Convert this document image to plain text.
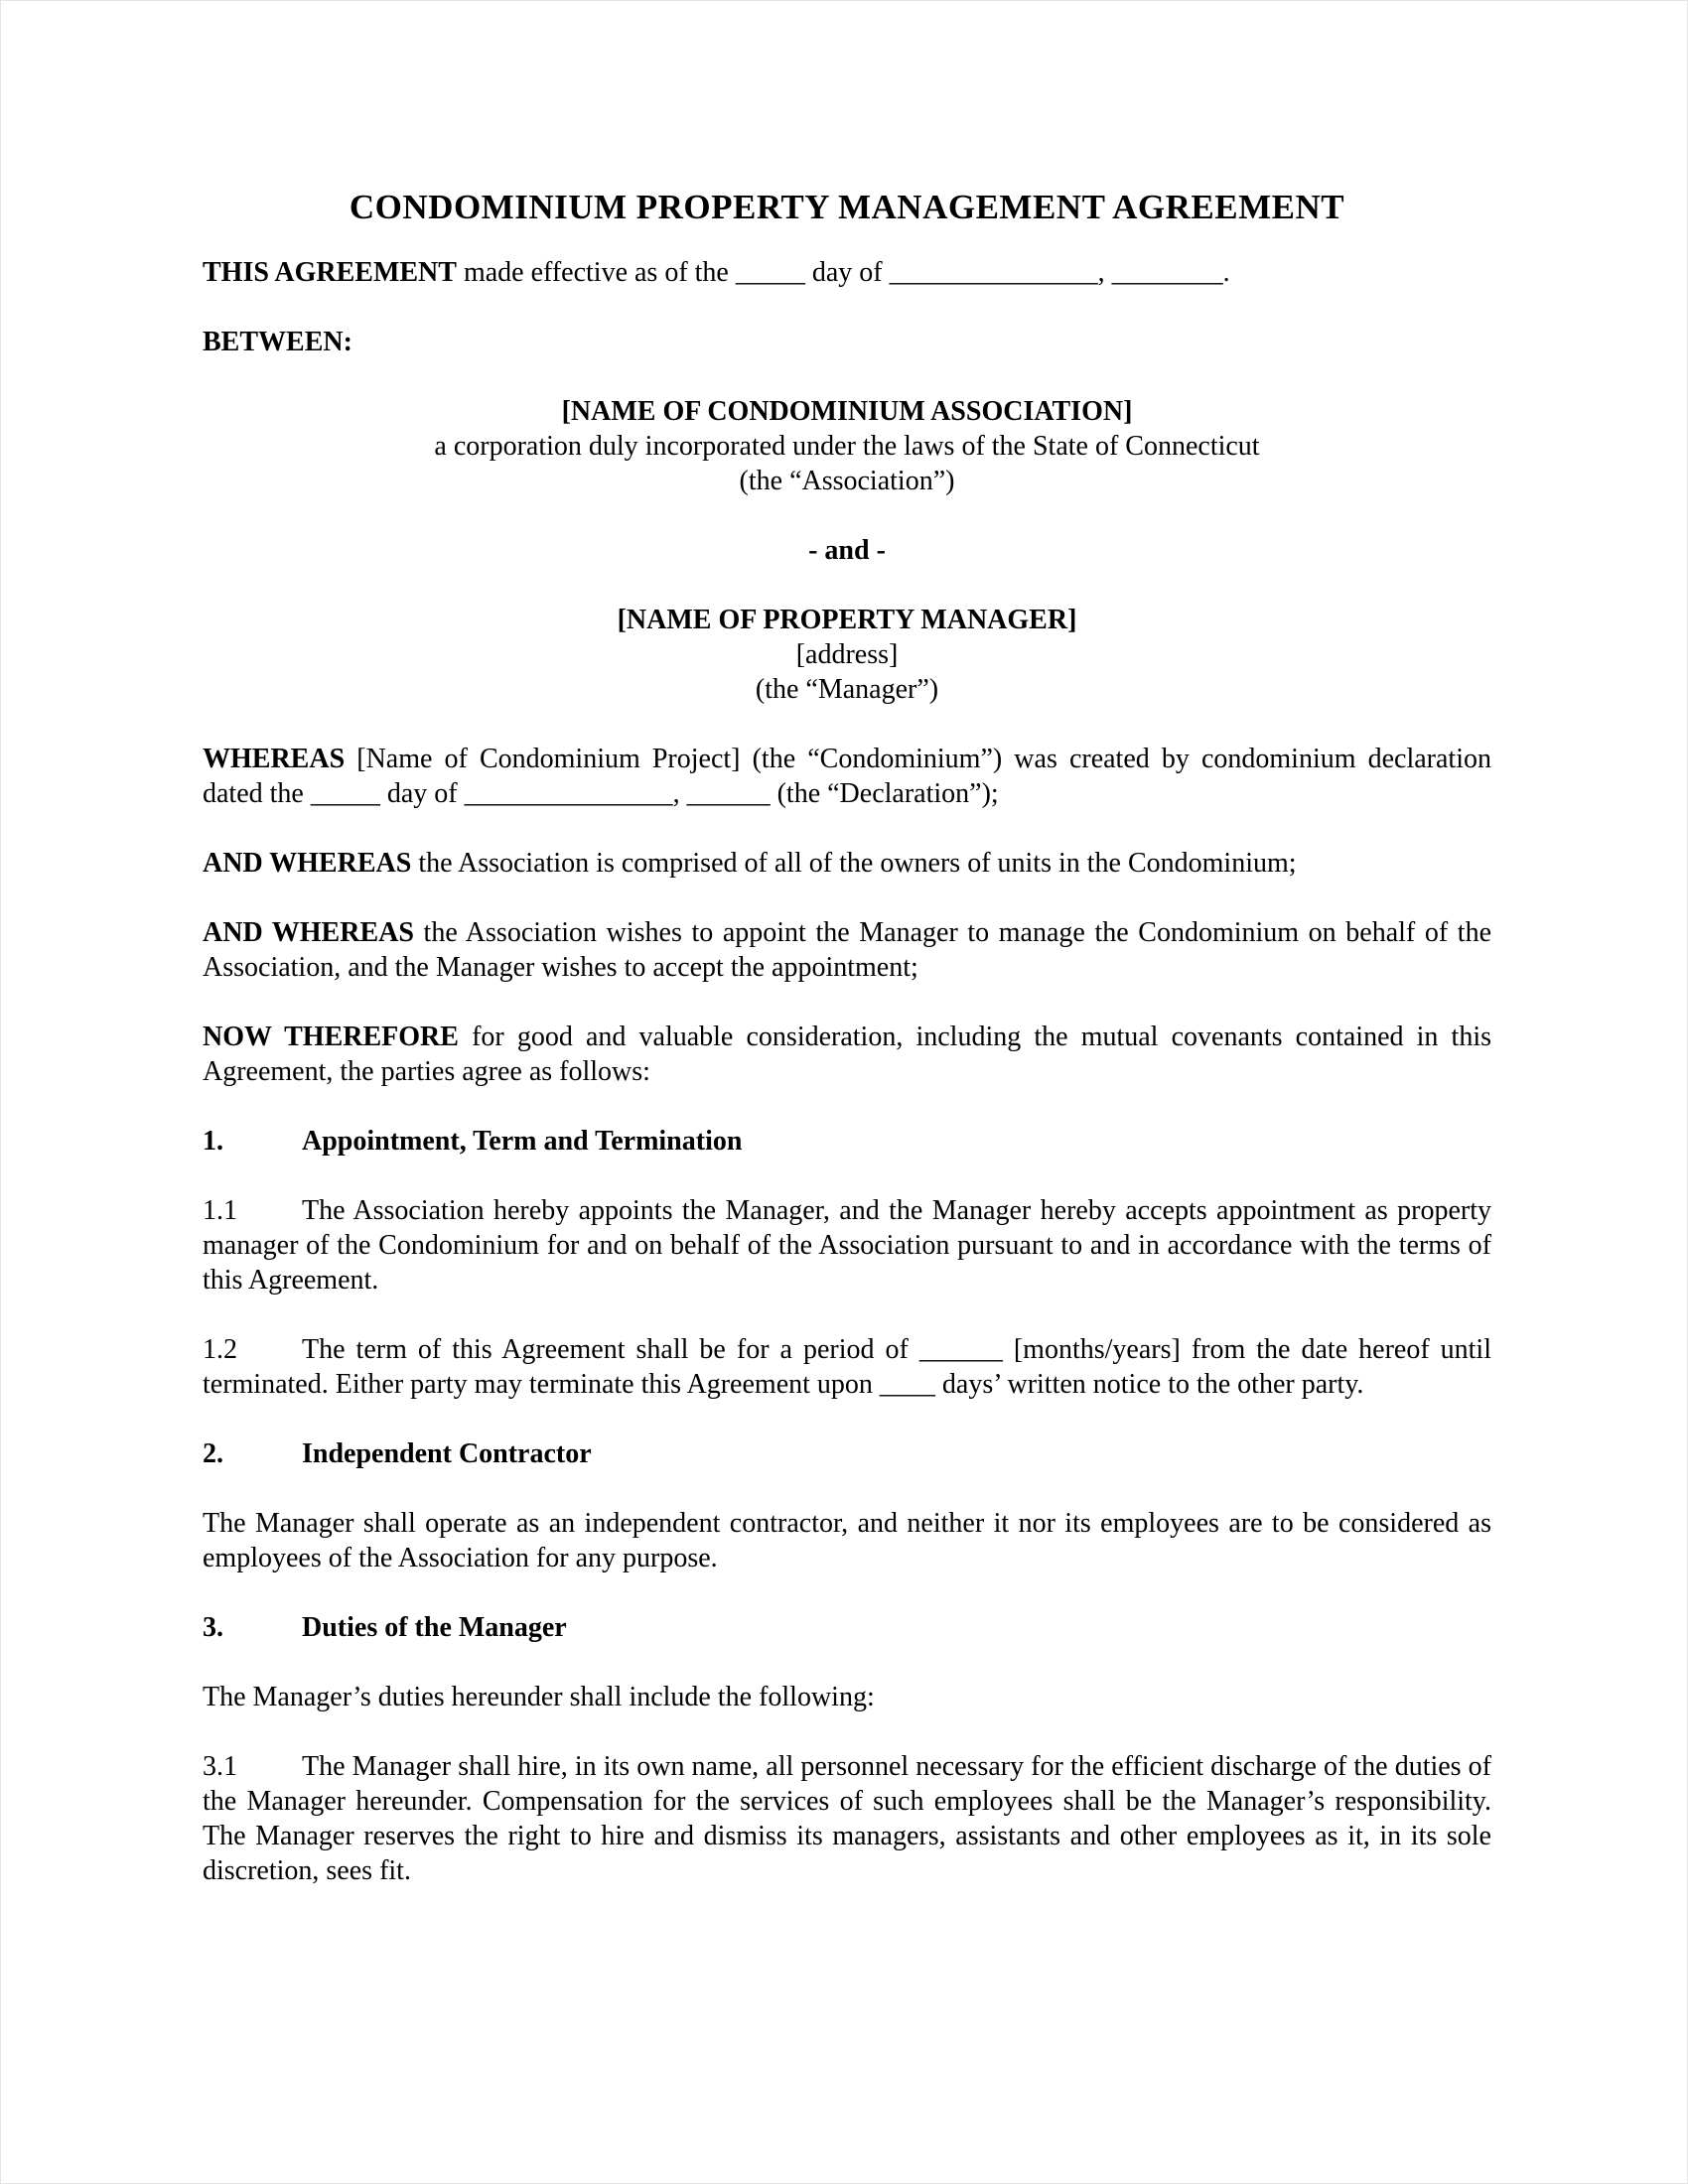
CONDOMINIUM PROPERTY MANAGEMENT AGREEMENT

THIS AGREEMENT made effective as of the _____ day of _______________, ________.

BETWEEN:

[NAME OF CONDOMINIUM ASSOCIATION]
a corporation duly incorporated under the laws of the State of Connecticut
(the “Association”)

- and -

[NAME OF PROPERTY MANAGER]
[address]
(the “Manager”)

WHEREAS [Name of Condominium Project] (the “Condominium”) was created by condominium declaration dated the _____ day of _______________, ______ (the “Declaration”);

AND WHEREAS the Association is comprised of all of the owners of units in the Condominium;

AND WHEREAS the Association wishes to appoint the Manager to manage the Condominium on behalf of the Association, and the Manager wishes to accept the appointment;

NOW THEREFORE for good and valuable consideration, including the mutual covenants contained in this Agreement, the parties agree as follows:

1.	Appointment, Term and Termination

1.1 The Association hereby appoints the Manager, and the Manager hereby accepts appointment as property manager of the Condominium for and on behalf of the Association pursuant to and in accordance with the terms of this Agreement.

1.2 The term of this Agreement shall be for a period of ______ [months/years] from the date hereof until terminated. Either party may terminate this Agreement upon ____ days’ written notice to the other party.

2.	Independent Contractor

The Manager shall operate as an independent contractor, and neither it nor its employees are to be considered as employees of the Association for any purpose.

3.	Duties of the Manager

The Manager’s duties hereunder shall include the following:

3.1 The Manager shall hire, in its own name, all personnel necessary for the efficient discharge of the duties of the Manager hereunder. Compensation for the services of such employees shall be the Manager’s responsibility. The Manager reserves the right to hire and dismiss its managers, assistants and other employees as it, in its sole discretion, sees fit.
